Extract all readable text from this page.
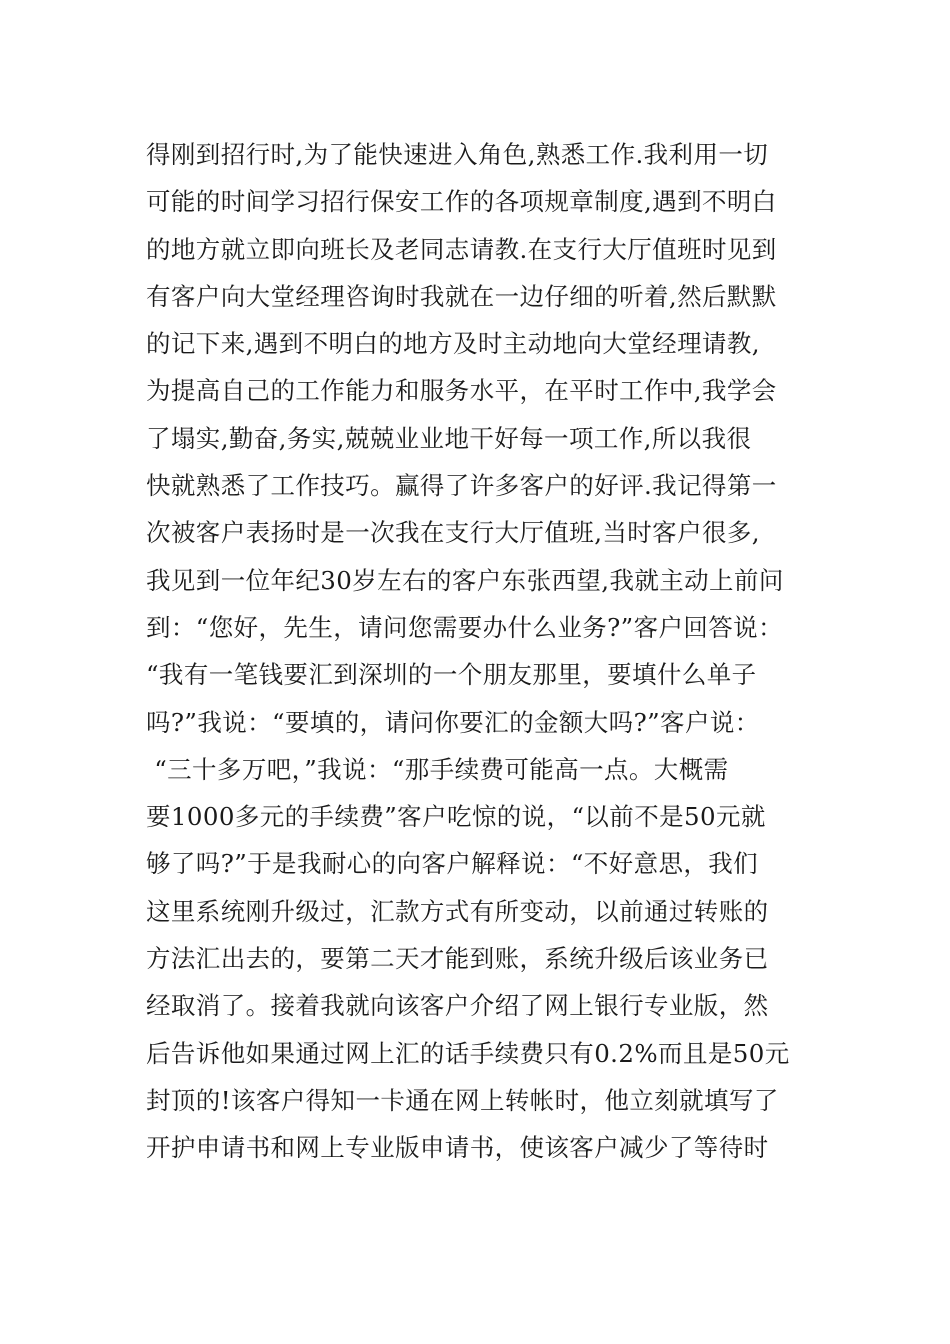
得刚到招行时,为了能快速进入角色,熟悉工作.我利用一切
可能的时间学习招行保安工作的各项规章制度,遇到不明白
的地方就立即向班长及老同志请教.在支行大厅值班时见到
有客户向大堂经理咨询时我就在一边仔细的听着,然后默默
的记下来,遇到不明白的地方及时主动地向大堂经理请教,
为提高自己的工作能力和服务水平，在平时工作中,我学会
了塌实,勤奋,务实,兢兢业业地干好每一项工作,所以我很
快就熟悉了工作技巧。赢得了许多客户的好评.我记得第一
次被客户表扬时是一次我在支行大厅值班,当时客户很多,
我见到一位年纪30岁左右的客户东张西望,我就主动上前问
到：“您好，先生，请问您需要办什么业务?”客户回答说：
“我有一笔钱要汇到深圳的一个朋友那里，要填什么单子
吗?”我说：“要填的，请问你要汇的金额大吗?”客户说：
“三十多万吧，”我说：“那手续费可能高一点。大概需
要1000多元的手续费”客户吃惊的说，“以前不是50元就
够了吗?”于是我耐心的向客户解释说：“不好意思，我们
这里系统刚升级过，汇款方式有所变动，以前通过转账的
方法汇出去的，要第二天才能到账，系统升级后该业务已
经取消了。接着我就向该客户介绍了网上银行专业版，然
后告诉他如果通过网上汇的话手续费只有0.2%而且是50元
封顶的!该客户得知一卡通在网上转帐时，他立刻就填写了
开护申请书和网上专业版申请书，使该客户减少了等待时
